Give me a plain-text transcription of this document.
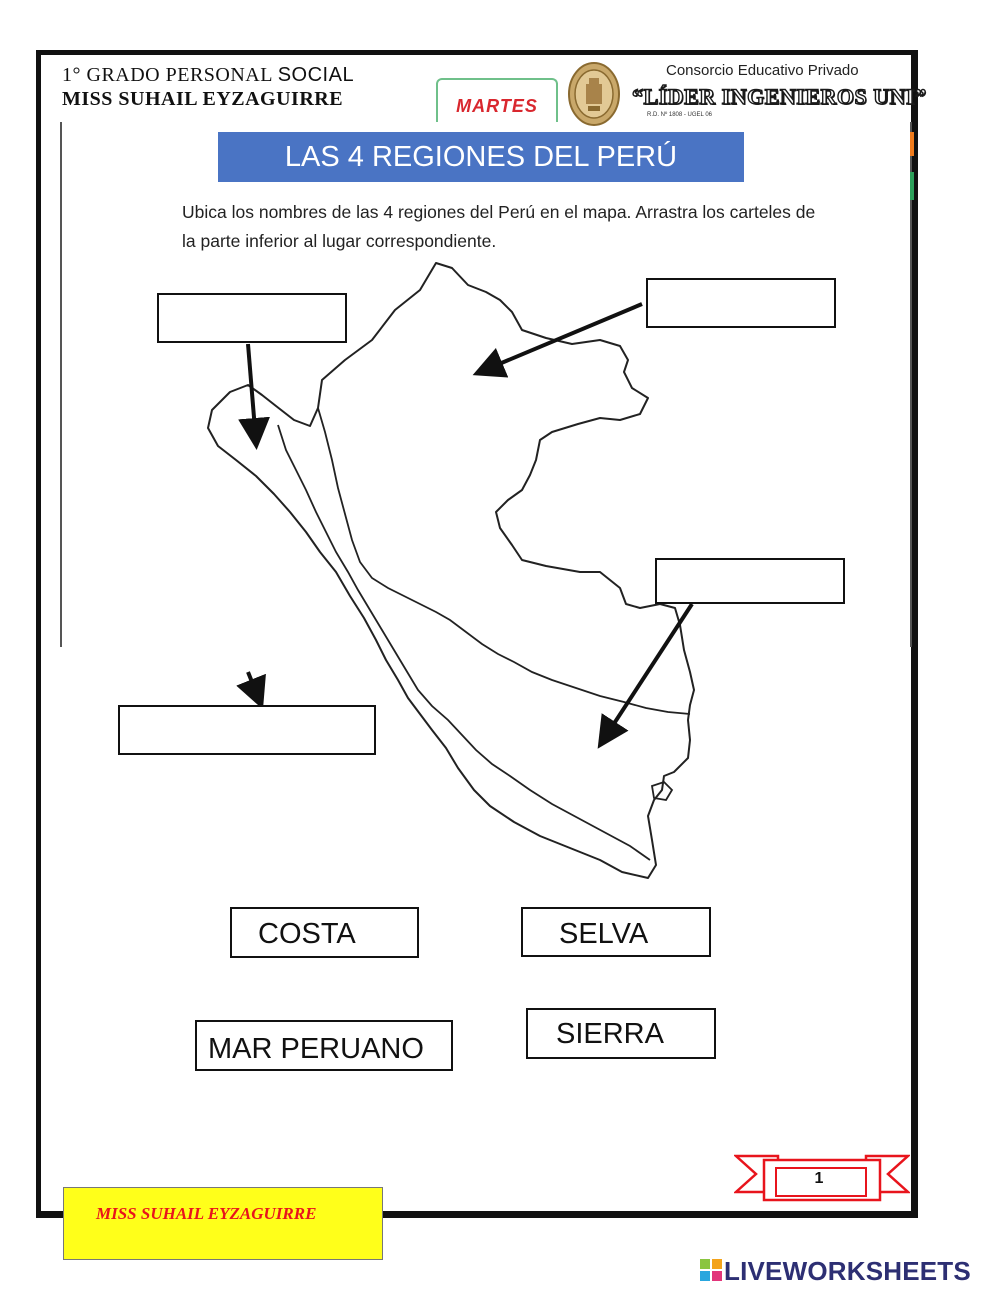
1° GRADO PERSONAL SOCIAL
MISS SUHAIL EYZAGUIRRE	MARTES
Consorcio Educativo Privado
“LÍDER INGENIEROS UNI”
R.D. Nº 1808 - UGEL 06
LAS 4 REGIONES DEL PERÚ
Ubica los nombres de las 4 regiones del Perú en el mapa. Arrastra los carteles de la parte inferior al lugar correspondiente.
COSTA	SELVA
MAR PERUANO	SIERRA
MISS SUHAIL EYZAGUIRRE
1
LIVEWORKSHEETS
